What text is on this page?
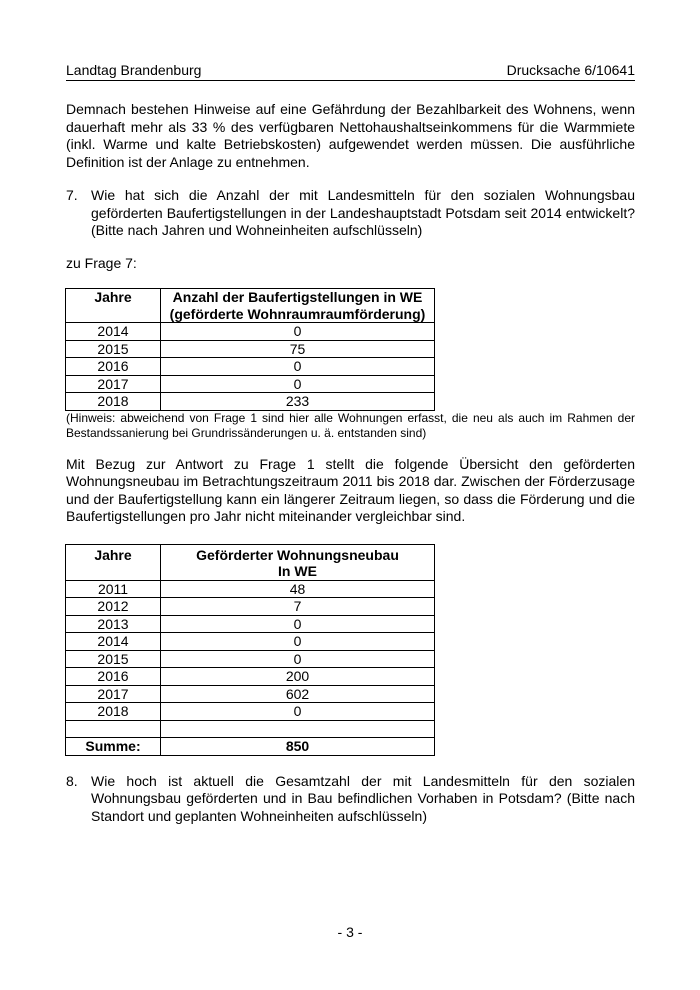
Landtag Brandenburg	Drucksache 6/10641

Demnach bestehen Hinweise auf eine Gefährdung der Bezahlbarkeit des Wohnens, wenn dauerhaft mehr als 33 % des verfügbaren Nettohaushaltseinkommens für die Warmmiete (inkl. Warme und kalte Betriebskosten) aufgewendet werden müssen. Die ausführliche Definition ist der Anlage zu entnehmen.

7. Wie hat sich die Anzahl der mit Landesmitteln für den sozialen Wohnungsbau geförderten Baufertigstellungen in der Landeshauptstadt Potsdam seit 2014 entwickelt? (Bitte nach Jahren und Wohneinheiten aufschlüsseln)

zu Frage 7:

Jahre	Anzahl der Baufertigstellungen in WE (geförderte Wohnraumraumförderung)
2014	0
2015	75
2016	0
2017	0
2018	233

(Hinweis: abweichend von Frage 1 sind hier alle Wohnungen erfasst, die neu als auch im Rahmen der Bestandssanierung bei Grundrissänderungen u. ä. entstanden sind)

Mit Bezug zur Antwort zu Frage 1 stellt die folgende Übersicht den geförderten Wohnungsneubau im Betrachtungszeitraum 2011 bis 2018 dar. Zwischen der Förderzusage und der Baufertigstellung kann ein längerer Zeitraum liegen, so dass die Förderung und die Baufertigstellungen pro Jahr nicht miteinander vergleichbar sind.

Jahre	Geförderter Wohnungsneubau
In WE

2011	48
2012	7
2013	0
2014	0
2015	0
2016	200
2017	602
2018	0

Summe:	850
8. Wie hoch ist aktuell die Gesamtzahl der mit Landesmitteln für den sozialen Wohnungsbau geförderten und in Bau befindlichen Vorhaben in Potsdam? (Bitte nach Standort und geplanten Wohneinheiten aufschlüsseln)
- 3 -
